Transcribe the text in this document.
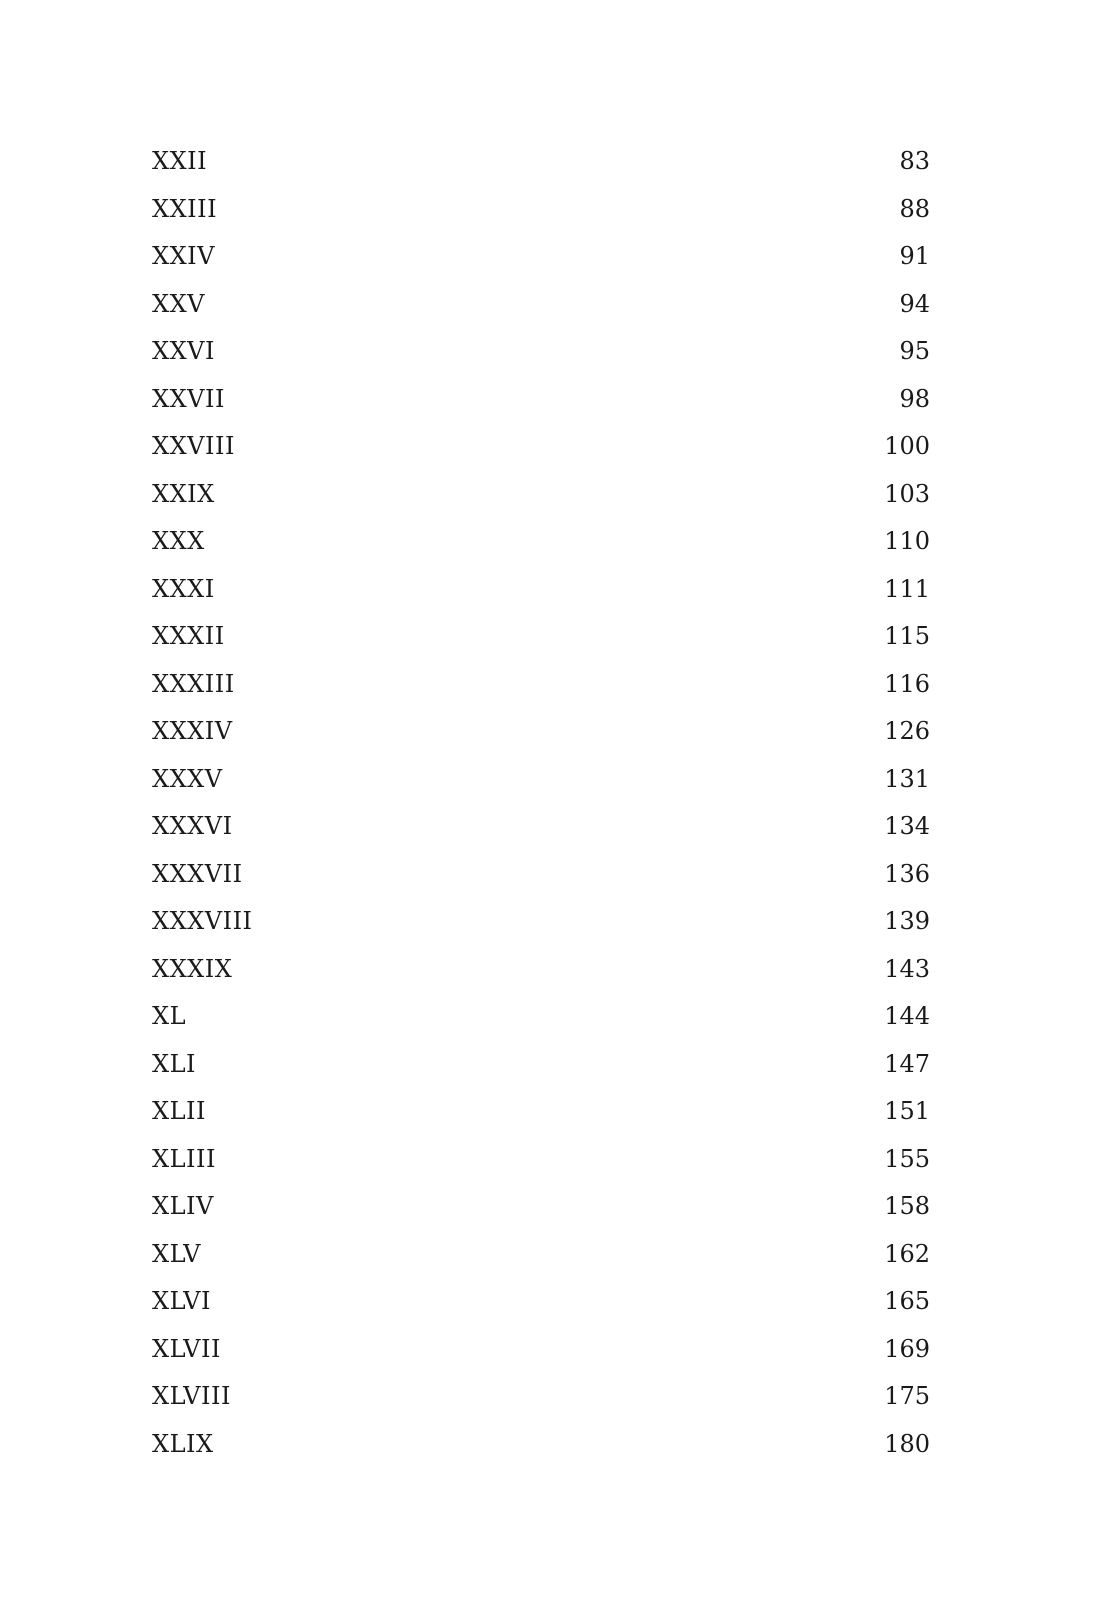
XXII	83
XXIII	88
XXIV	91
XXV	94
XXVI	95
XXVII	98
XXVIII	100
XXIX	103
XXX	110
XXXI	111
XXXII	115
XXXIII	116
XXXIV	126
XXXV	131
XXXVI	134
XXXVII	136
XXXVIII	139
XXXIX	143
XL	144
XLI	147
XLII	151
XLIII	155
XLIV	158
XLV	162
XLVI	165
XLVII	169
XLVIII	175
XLIX	180
